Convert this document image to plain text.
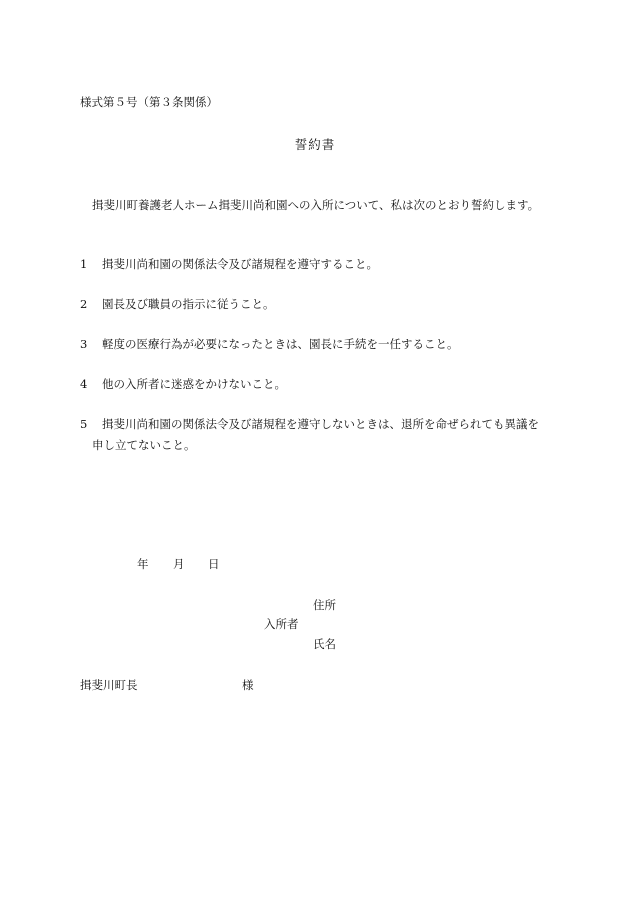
様式第５号（第３条関係）
誓約書
揖斐川町養護老人ホーム揖斐川尚和園への入所について、私は次のとおり誓約します。
1 揖斐川尚和園の関係法令及び諸規程を遵守すること。
2 園長及び職員の指示に従うこと。
3 軽度の医療行為が必要になったときは、園長に手続を一任すること。
4 他の入所者に迷惑をかけないこと。
5 揖斐川尚和園の関係法令及び諸規程を遵守しないときは、退所を命ぜられても異議を
申し立てないこと。
年 月 日
住所
入所者
氏名
揖斐川町長	様
